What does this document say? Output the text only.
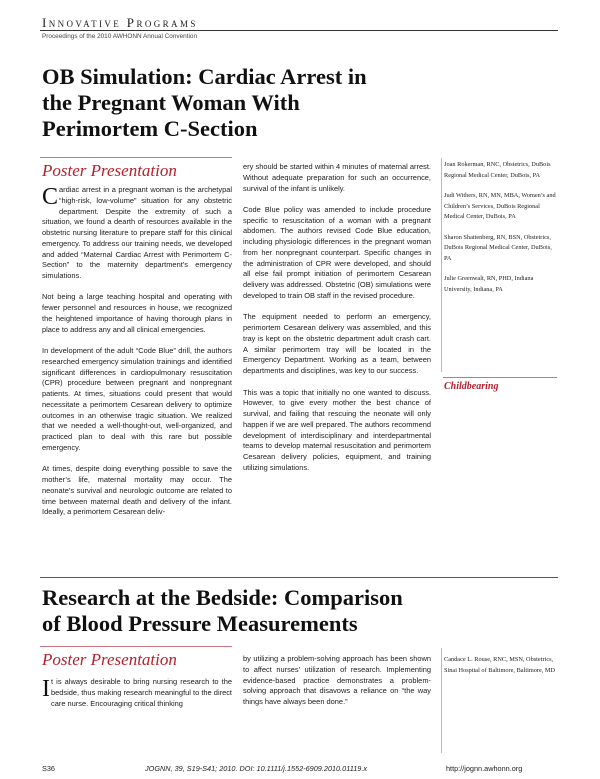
Innovative Programs
Proceedings of the 2010 AWHONN Annual Convention
OB Simulation: Cardiac Arrest in the Pregnant Woman With Perimortem C-Section
Poster Presentation

Cardiac arrest in a pregnant woman is the archetypal “high-risk, low-volume” situation for any obstetric department. Despite the extremity of such a situation, we found a dearth of resources available in the obstetric nursing literature to prepare staff for this clinical emergency. To address our training needs, we developed and added “Maternal Cardiac Arrest with Perimortem C-Section” to the maternity department’s emergency simulations.

Not being a large teaching hospital and operating with fewer personnel and resources in house, we recognized the heightened importance of having thorough plans in place to address any and all clinical emergencies.

In development of the adult “Code Blue” drill, the authors researched emergency simulation trainings and identified significant differences in cardiopulmonary resuscitation (CPR) procedure between pregnant and nonpregnant patients. At times, situations could present that would necessitate a perimortem Cesarean delivery to optimize outcomes in an otherwise tragic situation. We realized that we needed a well-thought-out, well-organized, and practiced plan to deal with this rare but possible emergency.

At times, despite doing everything possible to save the mother’s life, maternal mortality may occur. The neonate’s survival and neurologic outcome are related to time between maternal death and delivery of the infant. Ideally, a perimortem Cesarean deliv-

ery should be started within 4 minutes of maternal arrest. Without adequate preparation for such an occurrence, survival of the infant is unlikely.

Code Blue policy was amended to include procedure specific to resuscitation of a woman with a pregnant abdomen. The authors revised Code Blue education, including physiologic differences in the pregnant woman from her nonpregnant counterpart. Specific changes in the administration of CPR were developed, and should all else fail prompt initiation of perimortem Cesarean delivery was addressed. Obstetric (OB) simulations were developed to train OB staff in the revised procedure.

The equipment needed to perform an emergency, perimortem Cesarean delivery was assembled, and this tray is kept on the obstetric department adult crash cart. A similar perimortem tray will be located in the Emergency Department. Working as a team, between departments and disciplines, was key to our success.

This was a topic that initially no one wanted to discuss. However, to give every mother the best chance of survival, and failing that rescuing the neonate will only happen if we are well prepared. The authors recommend development of interdisciplinary and interdepartmental teams to develop maternal resuscitation and perimortem Cesarean delivery policies, equipment, and training utilizing simulations.

Joan Rokerman, RNC, Obstetrics, DuBois Regional Medical Center, DuBois, PA

Judi Withers, RN, MN, MBA, Women’s and Children’s Services, DuBois Regional Medical Center, DuBois, PA

Sharon Shattenberg, RN, BSN, Obstetrics, DuBois Regional Medical Center, DuBois, PA

Julie Greenwalt, RN, PHD, Indiana University, Indiana, PA

Childbearing
Research at the Bedside: Comparison of Blood Pressure Measurements
Poster Presentation

It is always desirable to bring nursing research to the bedside, thus making research meaningful to the direct care nurse. Encouraging critical thinking

by utilizing a problem-solving approach has been shown to affect nurses’ utilization of research. Implementing evidence-based practice demonstrates a problem-solving approach that disavows a reliance on “the way things have always been done.”

Candace L. Rouse, RNC, MSN, Obstetrics, Sinai Hospital of Baltimore, Baltimore, MD

S36	JOGNN, 39, S19-S41; 2010. DOI: 10.1111/j.1552-6909.2010.01119.x	http://jognn.awhonn.org
